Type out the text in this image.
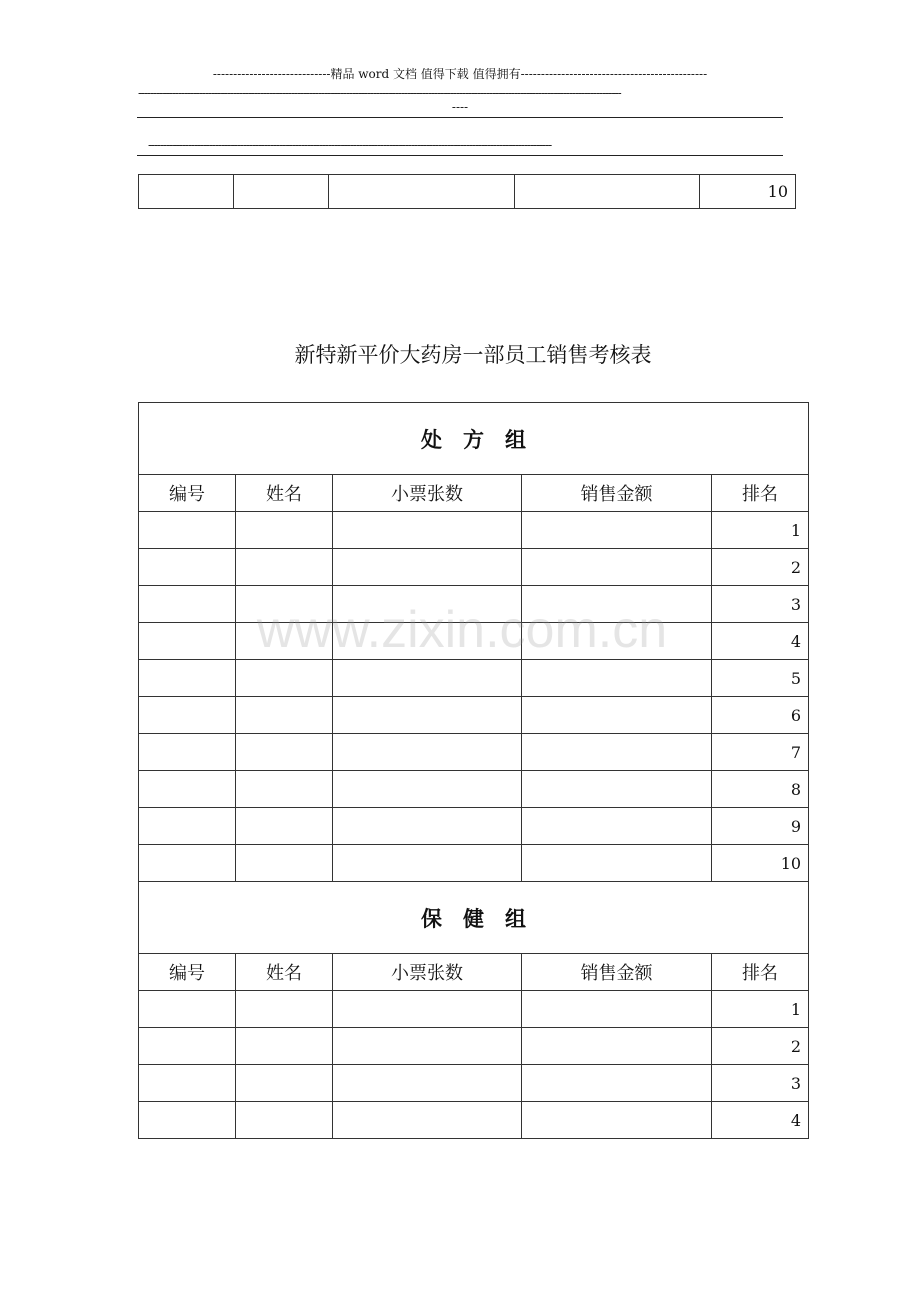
-----------------------------精品 word 文档 值得下载 值得拥有----------------------------------------------
--------------------------------------------------------------------------------------------------------------------------------------------------------------
----
------------------------------------------------------------------------------------------------------------------------------------
				10
新特新平价大药房一部员工销售考核表
处　方　组				
编号	姓名	小票张数	销售金额	排名
				1
				2
				3
				4
				5
				6
				7
				8
				9
				10
保　健　组				
编号	姓名	小票张数	销售金额	排名
				1
				2
				3
				4
www.zixin.com.cn
